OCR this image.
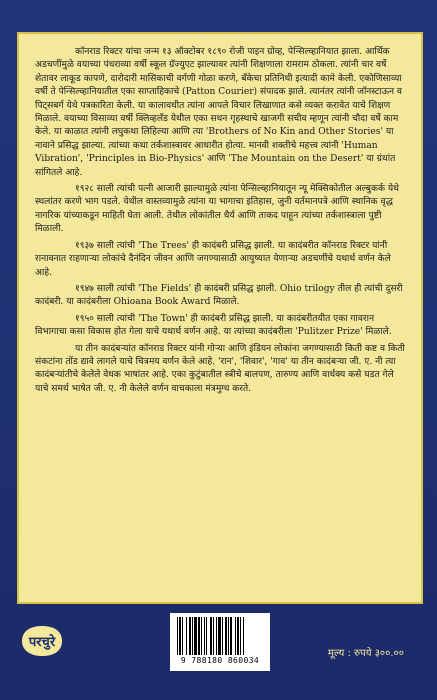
कॉनराड रिक्टर यांचा जन्म १३ ऑक्टोबर १८९० रोजी पाइन ग्रोव्ह, पेन्सिल्व्हानियात झाला. आर्थिक अडचणींमुळे वयाच्या पंधराव्या वर्षी स्कूल ग्रॅज्युएट झाल्यावर त्यांनी शिक्षणाला रामराम ठोकला. त्यांनी चार वर्षे शेतावर लाकूड कापणे, दारोदारी मासिकाची वर्गणी गोळा करणे, बँकेचा प्रतिनिधी इत्यादी कामे केली. एकोणिसाव्या वर्षी ते पेन्सिल्व्हानियातील एका साप्ताहिकाचे (Patton Courier) संपादक झाले. त्यानंतर त्यांनी जॉनस्टाऊन व पिट्‌सबर्ग येथे पत्रकारिता केली. या कालावधीत त्यांना आपले विचार लिखाणात कसे व्यक्त करावेत याचे शिक्षण मिळाले. वयाच्या विसाव्या वर्षी क्लिव्हलँड येथील एका सधन गृहस्थाचे खाजगी सचीव म्हणून त्यांनी चौदा वर्षे काम केले. या काळात त्यांनी लघुकथा लिहिल्या आणि त्या 'Brothers of No Kin and Other Stories' या नावाने प्रसिद्ध झाल्या. त्यांच्या कथा तर्कशास्त्रावर आधारीत होत्या. मानवी शक्तीचे महत्त्व त्यांनी 'Human Vibration', 'Principles in Bio-Physics' आणि 'The Mountain on the Desert' या ग्रंथांत सांगितले आहे.

१९२८ साली त्यांची पत्नी आजारी झाल्यामुळे त्यांना पेन्सिल्व्हानियातून न्यू मेक्सिकोतील अल्बुकर्क येथे स्थलांतर करणे भाग पडले. येथील वास्तव्यामुळे त्यांना या भागाचा इतिहास, जुनी वर्तमानपत्रे आणि स्थानिक वृद्ध नागरिक यांच्याकडून माहिती घेता आली. तेथील लोकांतील धैर्य आणि ताकद पाहून त्यांच्या तर्कशास्त्राला पुष्टी मिळाली.

१९३७ साली त्यांची 'The Trees' ही कादंबरी प्रसिद्ध झाली. या कादंबरीत कॉनराड रिक्टर यांनी रानावनात राहणाऱ्या लोकांचे दैनंदिन जीवन आणि जगण्यासाठी आयुष्यात येणाऱ्या अडचणींचे यथार्थ वर्णन केले आहे.

१९४७ साली त्यांची 'The Fields' ही कादंबरी प्रसिद्ध झाली. Ohio trilogy तील ही त्यांची दुसरी कादंबरी. या कादंबरीला Ohioana Book Award मिळाले.

१९५० साली त्यांची 'The Town' ही कादंबरी प्रसिद्ध झाली. या कादंबरीतयीत एका गावरान विभागाचा कसा विकास होत गेला याचे यथार्थ वर्णन आहे. या त्यांच्या कादंबरीला 'Pulitzer Prize' मिळाले.

या तीन कादंबऱ्यांत कॉनराड रिक्टर यांनी गोऱ्या आणि इंडियन लोकांना जगण्यासाठी किती कष्ट व किती संकटांना तोंड द्यावे लागले याचे चित्रमय वर्णन केले आहे. 'रान', 'शिवार', 'गाव' या तीन कादंबऱ्या जी. ए. नी त्या कादंबऱ्यांतीचे केलेले वेधक भाषांतर आहे. एका कुटुंबातील स्त्रीचे बालपण, तारुण्य आणि वार्धक्य कसे घडत गेले याचे समर्थ भाषेत जी. ए. नी केलेले वर्णन वाचकाला मंत्रमुग्ध करते.

परचुरे
9 788180 860034
मूल्य : रुपये ३००.००
